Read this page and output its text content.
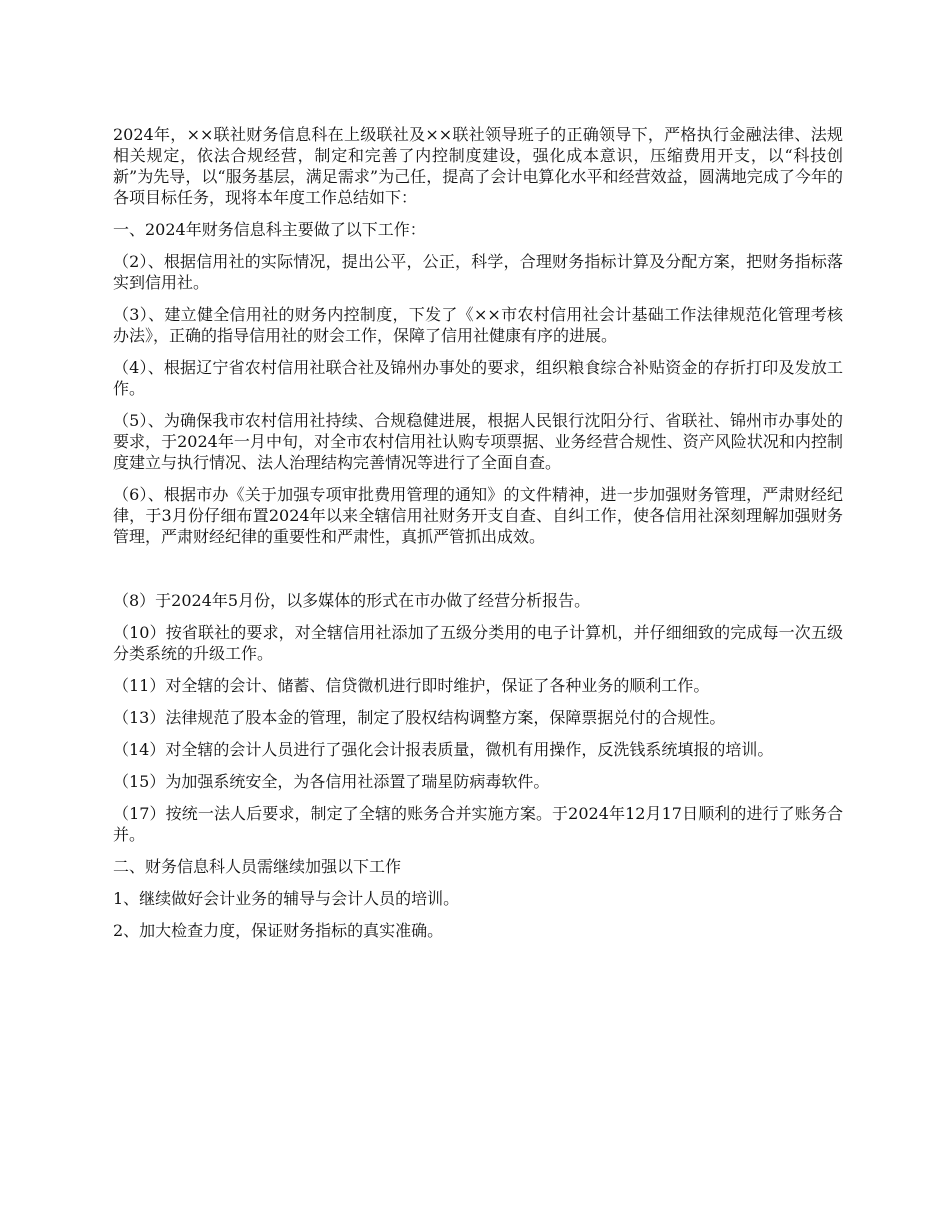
2024年，××联社财务信息科在上级联社及××联社领导班子的正确领导下，严格执行金融法律、法规相关规定，依法合规经营，制定和完善了内控制度建设，强化成本意识，压缩费用开支，以“科技创新”为先导，以“服务基层，满足需求”为己任，提高了会计电算化水平和经营效益，圆满地完成了今年的各项目标任务，现将本年度工作总结如下：

一、2024年财务信息科主要做了以下工作：

（2）、根据信用社的实际情况，提出公平，公正，科学，合理财务指标计算及分配方案，把财务指标落实到信用社。

（3）、建立健全信用社的财务内控制度，下发了《××市农村信用社会计基础工作法律规范化管理考核办法》，正确的指导信用社的财会工作，保障了信用社健康有序的进展。

（4）、根据辽宁省农村信用社联合社及锦州办事处的要求，组织粮食综合补贴资金的存折打印及发放工作。

（5）、为确保我市农村信用社持续、合规稳健进展，根据人民银行沈阳分行、省联社、锦州市办事处的要求，于2024年一月中旬，对全市农村信用社认购专项票据、业务经营合规性、资产风险状况和内控制度建立与执行情况、法人治理结构完善情况等进行了全面自查。

（6）、根据市办《关于加强专项审批费用管理的通知》的文件精神，进一步加强财务管理，严肃财经纪律，于3月份仔细布置2024年以来全辖信用社财务开支自查、自纠工作，使各信用社深刻理解加强财务管理，严肃财经纪律的重要性和严肃性，真抓严管抓出成效。

（8）于2024年5月份，以多媒体的形式在市办做了经营分析报告。

（10）按省联社的要求，对全辖信用社添加了五级分类用的电子计算机，并仔细细致的完成每一次五级分类系统的升级工作。

（11）对全辖的会计、储蓄、信贷微机进行即时维护，保证了各种业务的顺利工作。

（13）法律规范了股本金的管理，制定了股权结构调整方案，保障票据兑付的合规性。

（14）对全辖的会计人员进行了强化会计报表质量，微机有用操作，反洗钱系统填报的培训。

（15）为加强系统安全，为各信用社添置了瑞星防病毒软件。

（17）按统一法人后要求，制定了全辖的账务合并实施方案。于2024年12月17日顺利的进行了账务合并。

二、财务信息科人员需继续加强以下工作

1、继续做好会计业务的辅导与会计人员的培训。

2、加大检查力度，保证财务指标的真实准确。
